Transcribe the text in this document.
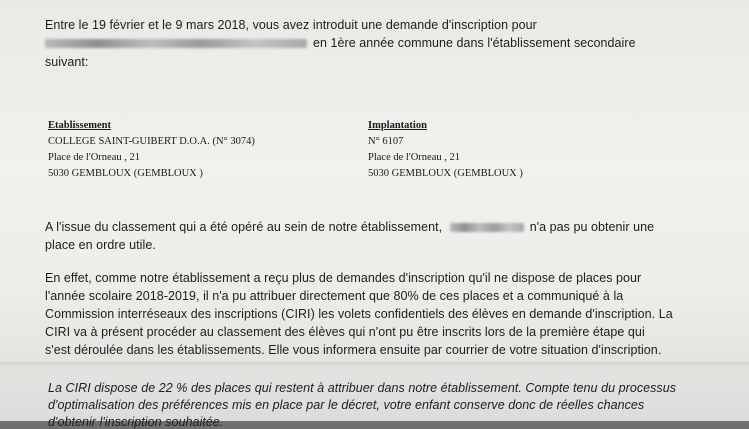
Entre le 19 février et le 9 mars 2018, vous avez introduit une demande d'inscription pour
en 1ère année commune dans l'établissement secondaire
suivant:
Etablissement
COLLEGE SAINT-GUIBERT D.O.A. (N° 3074)
Place de l'Orneau , 21
5030 GEMBLOUX (GEMBLOUX )
Implantation
N° 6107
Place de l'Orneau , 21
5030 GEMBLOUX (GEMBLOUX )
A l'issue du classement qui a été opéré au sein de notre établissement,	n'a pas pu obtenir une
place en ordre utile.
En effet, comme notre établissement a reçu plus de demandes d'inscription qu'il ne dispose de places pour
l'année scolaire 2018-2019, il n'a pu attribuer directement que 80% de ces places et a communiqué à la
Commission interréseaux des inscriptions (CIRI) les volets confidentiels des élèves en demande d'inscription. La
CIRI va à présent procéder au classement des élèves qui n'ont pu être inscrits lors de la première étape qui
s'est déroulée dans les établissements. Elle vous informera ensuite par courrier de votre situation d'inscription.
La CIRI dispose de 22 % des places qui restent à attribuer dans notre établissement. Compte tenu du processus
d'optimalisation des préférences mis en place par le décret, votre enfant conserve donc de réelles chances
d'obtenir l'inscription souhaitée.
